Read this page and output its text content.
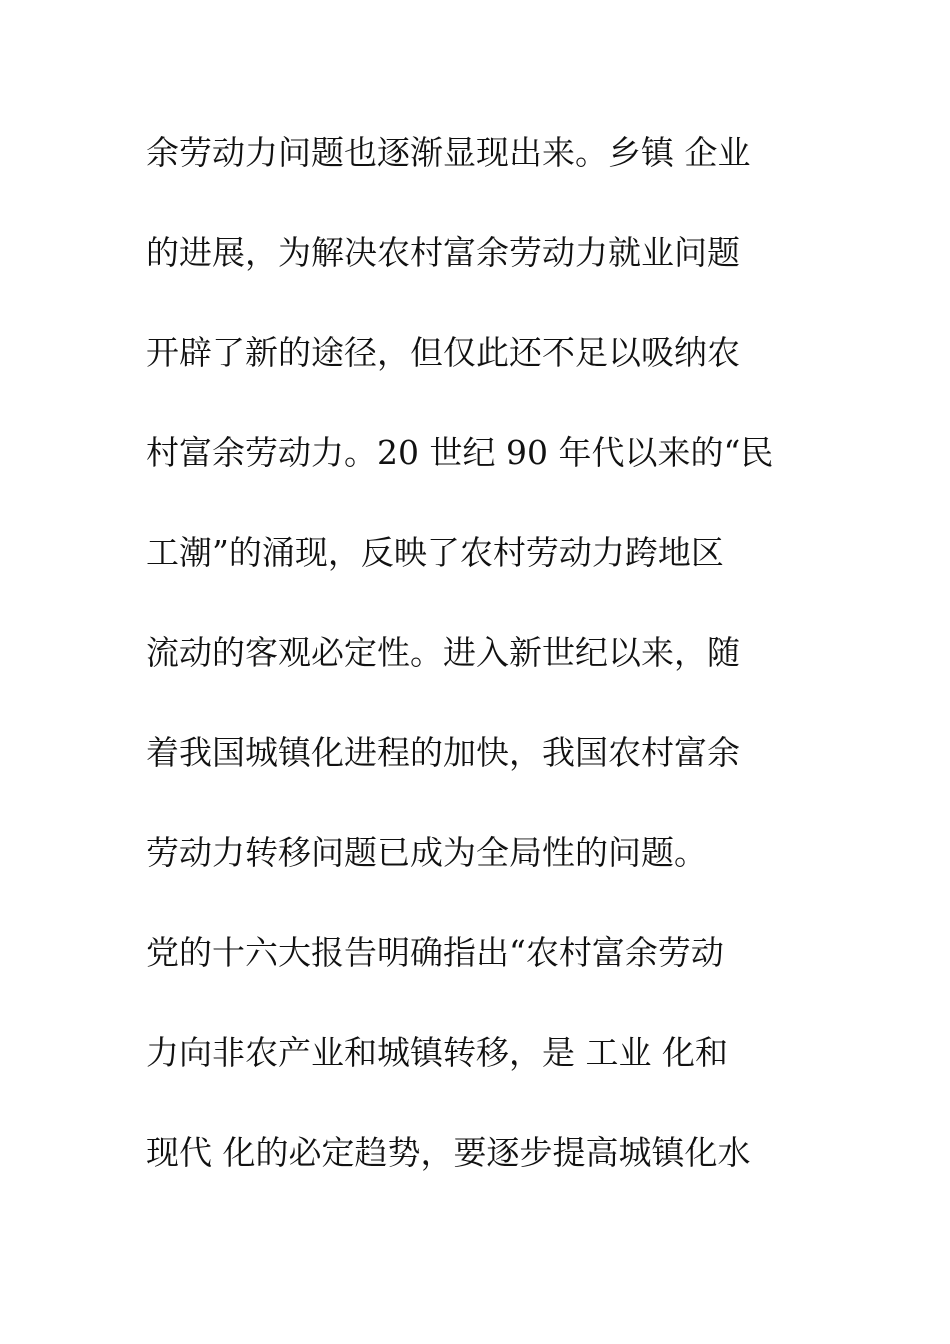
余劳动力问题也逐渐显现出来。乡镇 企业
的进展，为解决农村富余劳动力就业问题
开辟了新的途径，但仅此还不足以吸纳农
村富余劳动力。20 世纪 90 年代以来的“民
工潮”的涌现，反映了农村劳动力跨地区
流动的客观必定性。进入新世纪以来，随
着我国城镇化进程的加快，我国农村富余
劳动力转移问题已成为全局性的问题。
党的十六大报告明确指出“农村富余劳动
力向非农产业和城镇转移，是 工业 化和
现代 化的必定趋势，要逐步提高城镇化水
